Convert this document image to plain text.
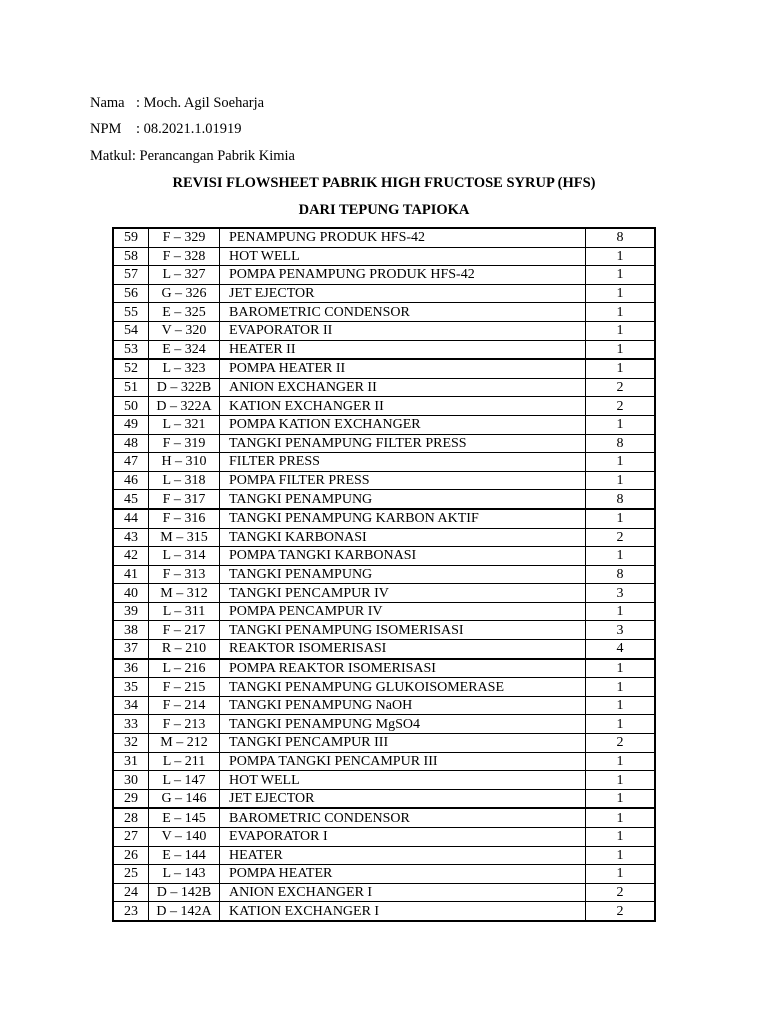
Nama : Moch. Agil Soeharja
NPM : 08.2021.1.01919
Matkul: Perancangan Pabrik Kimia
REVISI FLOWSHEET PABRIK HIGH FRUCTOSE SYRUP (HFS)
DARI TEPUNG TAPIOKA
59	F – 329	PENAMPUNG PRODUK HFS-42	8
58	F – 328	HOT WELL	1
57	L – 327	POMPA PENAMPUNG PRODUK HFS-42	1
56	G – 326	JET EJECTOR	1
55	E – 325	BAROMETRIC CONDENSOR	1
54	V – 320	EVAPORATOR II	1
53	E – 324	HEATER II	1
52	L – 323	POMPA HEATER II	1
51	D – 322B	ANION EXCHANGER II	2
50	D – 322A	KATION EXCHANGER II	2
49	L – 321	POMPA KATION EXCHANGER	1
48	F – 319	TANGKI PENAMPUNG FILTER PRESS	8
47	H – 310	FILTER PRESS	1
46	L – 318	POMPA FILTER PRESS	1
45	F – 317	TANGKI PENAMPUNG	8
44	F – 316	TANGKI PENAMPUNG KARBON AKTIF	1
43	M – 315	TANGKI KARBONASI	2
42	L – 314	POMPA TANGKI KARBONASI	1
41	F – 313	TANGKI PENAMPUNG	8
40	M – 312	TANGKI PENCAMPUR IV	3
39	L – 311	POMPA PENCAMPUR IV	1
38	F – 217	TANGKI PENAMPUNG ISOMERISASI	3
37	R – 210	REAKTOR ISOMERISASI	4
36	L – 216	POMPA REAKTOR ISOMERISASI	1
35	F – 215	TANGKI PENAMPUNG GLUKOISOMERASE	1
34	F – 214	TANGKI PENAMPUNG NaOH	1
33	F – 213	TANGKI PENAMPUNG MgSO4	1
32	M – 212	TANGKI PENCAMPUR III	2
31	L – 211	POMPA TANGKI PENCAMPUR III	1
30	L – 147	HOT WELL	1
29	G – 146	JET EJECTOR	1
28	E – 145	BAROMETRIC CONDENSOR	1
27	V – 140	EVAPORATOR I	1
26	E – 144	HEATER	1
25	L – 143	POMPA HEATER	1
24	D – 142B	ANION EXCHANGER I	2
23	D – 142A	KATION EXCHANGER I	2
